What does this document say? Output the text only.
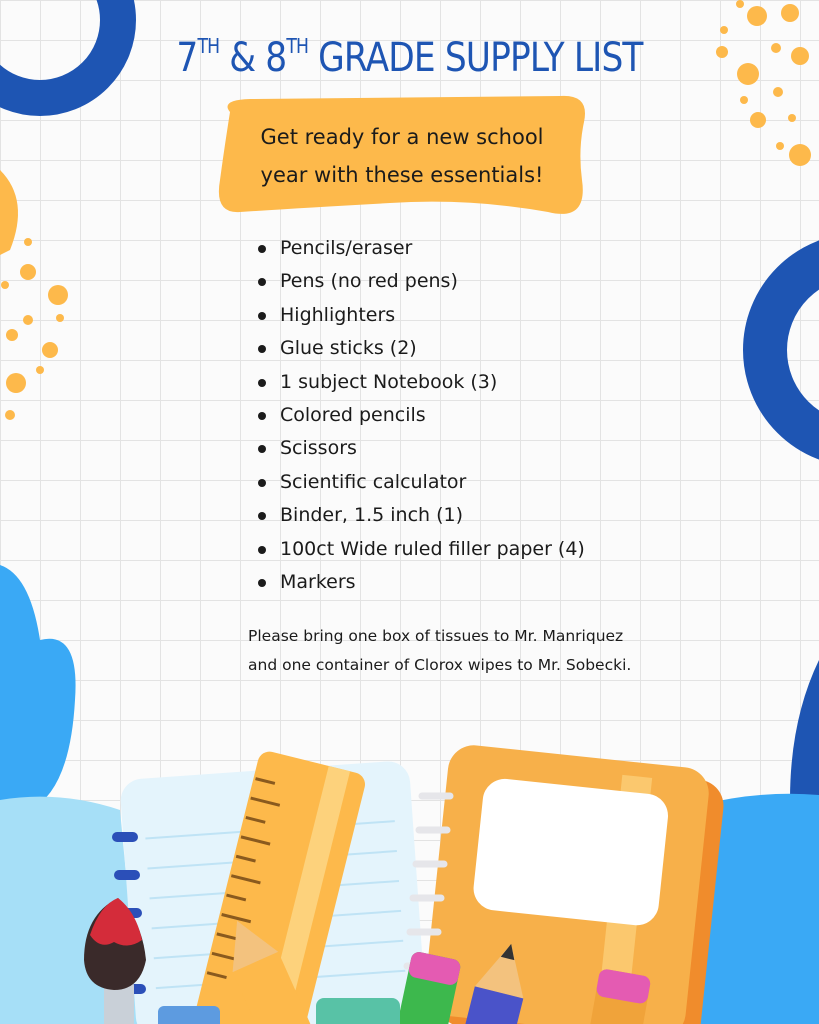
7TH & 8TH GRADE SUPPLY LIST
Get ready for a new school
year with these essentials!
Pencils/eraser
Pens (no red pens)
Highlighters
Glue sticks (2)
1 subject Notebook (3)
Colored pencils
Scissors
Scientific calculator
Binder, 1.5 inch (1)
100ct Wide ruled filler paper (4)
Markers
Please bring one box of tissues to Mr. Manriquez
and one container of Clorox wipes to Mr. Sobecki.
